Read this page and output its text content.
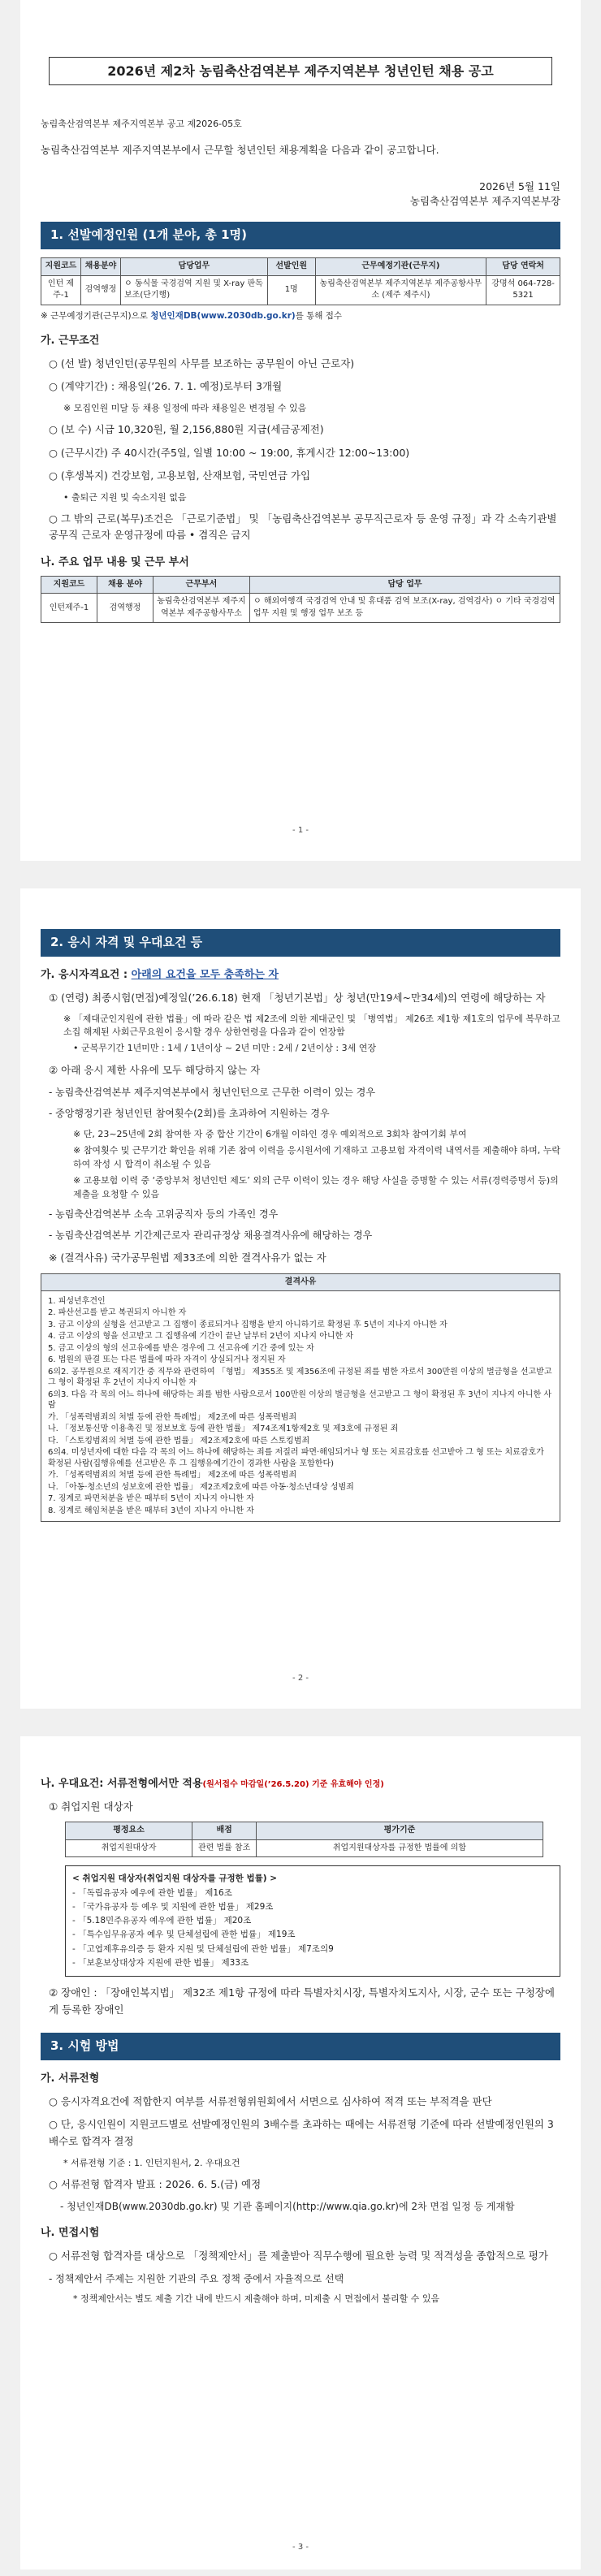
2026년 제2차 농림축산검역본부 제주지역본부 청년인턴 채용 공고
농림축산검역본부 제주지역본부 공고 제2026-05호
농림축산검역본부 제주지역본부에서 근무할 청년인턴 채용계획을 다음과 같이 공고합니다.
2026년 5월 11일
농림축산검역본부 제주지역본부장
1. 선발예정인원 (1개 분야, 총 1명)
지원코드	채용분야	담당업무	선발인원	근무예정기관(근무지)	담당 연락처
인턴 제주-1	검역행정	ㅇ 동식물 국경검역 지원 및 X-ray 판독 보조(단기행)	1명	농림축산검역본부 제주지역본부 제주공항사무소 (제주 제주시)	강명석 064-728-5321
※ 근무예정기관(근무지)으로 청년인재DB(www.2030db.go.kr)를 통해 접수
가. 근무조건
○ (선 발) 청년인턴(공무원의 사무를 보조하는 공무원이 아닌 근로자)
○ (계약기간) : 채용일(’26. 7. 1. 예정)로부터 3개월
※ 모집인원 미달 등 채용 일정에 따라 채용일은 변경될 수 있음
○ (보 수) 시급 10,320원, 월 2,156,880원 지급(세금공제전)
○ (근무시간) 주 40시간(주5일, 일별 10:00 ~ 19:00, 휴게시간 12:00~13:00)
○ (후생복지) 건강보험, 고용보험, 산재보험, 국민연금 가입
• 출퇴근 지원 및 숙소지원 없음
○ 그 밖의 근로(복무)조건은 「근로기준법」 및 「농림축산검역본부 공무직근로자 등 운영 규정」과 각 소속기관별 공무직 근로자 운영규정에 따름 • 겸직은 금지
나. 주요 업무 내용 및 근무 부서
지원코드	채용 분야	근무부서	담당 업무
인턴제주-1	검역행정	농림축산검역본부 제주지역본부 제주공항사무소	ㅇ 해외여행객 국경검역 안내 및 휴대품 검역 보조(X-ray, 검역검사) ㅇ 기타 국경검역 업무 지원 및 행정 업무 보조 등
- 1 -
2. 응시 자격 및 우대요건 등
가. 응시자격요건 : 아래의 요건을 모두 충족하는 자
① (연령) 최종시험(면접)예정일(’26.6.18) 현재 「청년기본법」상 청년(만19세~만34세)의 연령에 해당하는 자
※ 「제대군인지원에 관한 법률」에 따라 같은 법 제2조에 의한 제대군인 및 「병역법」 제26조 제1항 제1호의 업무에 복무하고 소집 해제된 사회근무요원이 응시할 경우 상한연령을 다음과 같이 연장함
• 군복무기간 1년미만 : 1세 / 1년이상 ~ 2년 미만 : 2세 / 2년이상 : 3세 연장
② 아래 응시 제한 사유에 모두 해당하지 않는 자
- 농림축산검역본부 제주지역본부에서 청년인턴으로 근무한 이력이 있는 경우
- 중앙행정기관 청년인턴 참여횟수(2회)를 초과하여 지원하는 경우
※ 단, 23~25년에 2회 참여한 자 중 합산 기간이 6개월 이하인 경우 예외적으로 3회차 참여기회 부여
※ 참여횟수 및 근무기간 확인을 위해 기존 참여 이력을 응시원서에 기재하고 고용보험 자격이력 내역서를 제출해야 하며, 누락하여 작성 시 합격이 취소될 수 있음
※ 고용보험 이력 중 ‘중앙부처 청년인턴 제도’ 외의 근무 이력이 있는 경우 해당 사실을 증명할 수 있는 서류(경력증명서 등)의 제출을 요청할 수 있음
- 농림축산검역본부 소속 고위공직자 등의 가족인 경우
- 농림축산검역본부 기간제근로자 관리규정상 채용결격사유에 해당하는 경우
※ (결격사유) 국가공무원법 제33조에 의한 결격사유가 없는 자
결격사유
1. 피성년후견인
2. 파산선고를 받고 복권되지 아니한 자
3. 금고 이상의 실형을 선고받고 그 집행이 종료되거나 집행을 받지 아니하기로 확정된 후 5년이 지나지 아니한 자
4. 금고 이상의 형을 선고받고 그 집행유예 기간이 끝난 날부터 2년이 지나지 아니한 자
5. 금고 이상의 형의 선고유예를 받은 경우에 그 선고유예 기간 중에 있는 자
6. 법원의 판결 또는 다른 법률에 따라 자격이 상실되거나 정지된 자
6의2. 공무원으로 재직기간 중 직무와 관련하여 「형법」 제355조 및 제356조에 규정된 죄를 범한 자로서 300만원 이상의 벌금형을 선고받고 그 형이 확정된 후 2년이 지나지 아니한 자
6의3. 다음 각 목의 어느 하나에 해당하는 죄를 범한 사람으로서 100만원 이상의 벌금형을 선고받고 그 형이 확정된 후 3년이 지나지 아니한 사람
가. 「성폭력범죄의 처벌 등에 관한 특례법」 제2조에 따른 성폭력범죄
나. 「정보통신망 이용촉진 및 정보보호 등에 관한 법률」 제74조제1항제2호 및 제3호에 규정된 죄
다. 「스토킹범죄의 처벌 등에 관한 법률」 제2조제2호에 따른 스토킹범죄
6의4. 미성년자에 대한 다음 각 목의 어느 하나에 해당하는 죄를 저질러 파면·해임되거나 형 또는 치료감호를 선고받아 그 형 또는 치료감호가 확정된 사람(집행유예를 선고받은 후 그 집행유예기간이 경과한 사람을 포함한다)
가. 「성폭력범죄의 처벌 등에 관한 특례법」 제2조에 따른 성폭력범죄
나. 「아동·청소년의 성보호에 관한 법률」 제2조제2호에 따른 아동·청소년대상 성범죄
7. 징계로 파면처분을 받은 때부터 5년이 지나지 아니한 자
8. 징계로 해임처분을 받은 때부터 3년이 지나지 아니한 자
- 2 -
나. 우대요건: 서류전형에서만 적용(원서접수 마감일(’26.5.20) 기준 유효해야 인정)
① 취업지원 대상자
평정요소	배점	평가기준
취업지원대상자	관련 법률 참조	취업지원대상자를 규정한 법률에 의함
< 취업지원 대상자(취업지원 대상자를 규정한 법률) >
- 「독립유공자 예우에 관한 법률」 제16조
- 「국가유공자 등 예우 및 지원에 관한 법률」 제29조
- 「5.18민주유공자 예우에 관한 법률」 제20조
- 「특수임무유공자 예우 및 단체설립에 관한 법률」 제19조
- 「고엽제후유의증 등 환자 지원 및 단체설립에 관한 법률」 제7조의9
- 「보훈보상대상자 지원에 관한 법률」 제33조
② 장애인 : 「장애인복지법」 제32조 제1항 규정에 따라 특별자치시장, 특별자치도지사, 시장, 군수 또는 구청장에게 등록한 장애인
3. 시험 방법
가. 서류전형
○ 응시자격요건에 적합한지 여부를 서류전형위원회에서 서면으로 심사하여 적격 또는 부적격을 판단
○ 단, 응시인원이 지원코드별로 선발예정인원의 3배수를 초과하는 때에는 서류전형 기준에 따라 선발예정인원의 3배수로 합격자 결정
* 서류전형 기준 : 1. 인턴지원서, 2. 우대요건
○ 서류전형 합격자 발표 : 2026. 6. 5.(금) 예정
- 청년인재DB(www.2030db.go.kr) 및 기관 홈페이지(http://www.qia.go.kr)에 2차 면접 일정 등 게재함
나. 면접시험
○ 서류전형 합격자를 대상으로 「정책제안서」를 제출받아 직무수행에 필요한 능력 및 적격성을 종합적으로 평가
- 정책제안서 주제는 지원한 기관의 주요 정책 중에서 자율적으로 선택
* 정책제안서는 별도 제출 기간 내에 반드시 제출해야 하며, 미제출 시 면접에서 불리할 수 있음
- 3 -
